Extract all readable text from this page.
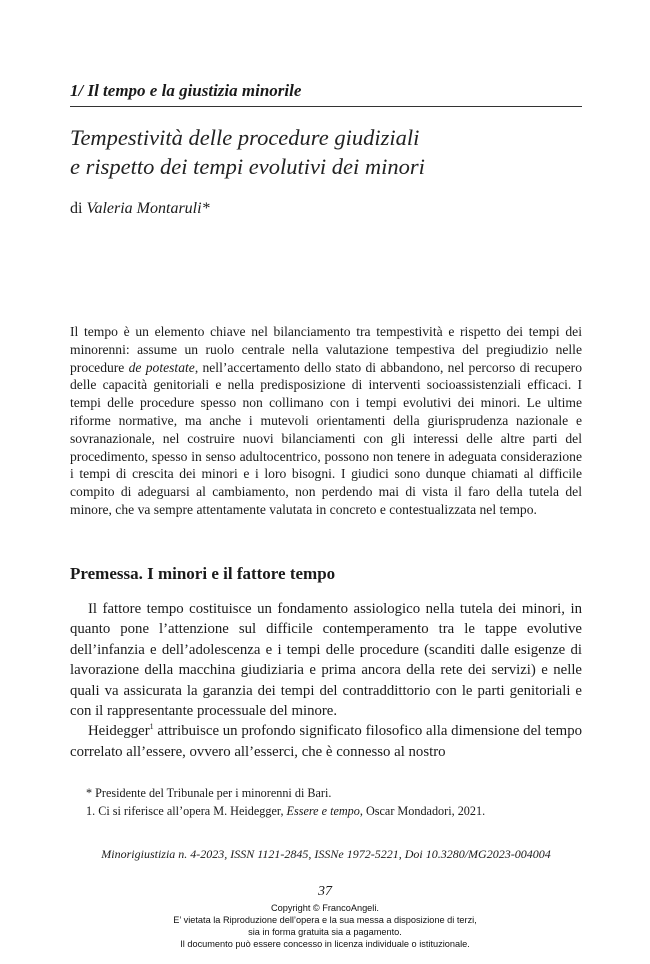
1/ Il tempo e la giustizia minorile
Tempestività delle procedure giudiziali
e rispetto dei tempi evolutivi dei minori
di Valeria Montaruli*
Il tempo è un elemento chiave nel bilanciamento tra tempestività e rispetto dei tempi dei minorenni: assume un ruolo centrale nella valutazione tempestiva del pregiudizio nelle procedure de potestate, nell’accertamento dello stato di abbandono, nel percorso di recupero delle capacità genitoriali e nella predisposizione di interventi socioassistenziali efficaci. I tempi delle procedure spesso non collimano con i tempi evolutivi dei minori. Le ultime riforme normative, ma anche i mutevoli orientamenti della giurisprudenza nazionale e sovranazionale, nel costruire nuovi bilanciamenti con gli interessi delle altre parti del procedimento, spesso in senso adultocentrico, possono non tenere in adeguata considerazione i tempi di crescita dei minori e i loro bisogni. I giudici sono dunque chiamati al difficile compito di adeguarsi al cambiamento, non perdendo mai di vista il faro della tutela del minore, che va sempre attentamente valutata in concreto e contestualizzata nel tempo.
Premessa. I minori e il fattore tempo

Il fattore tempo costituisce un fondamento assiologico nella tutela dei minori, in quanto pone l’attenzione sul difficile contemperamento tra le tappe evolutive dell’infanzia e dell’adolescenza e i tempi delle procedure (scanditi dalle esigenze di lavorazione della macchina giudiziaria e prima ancora della rete dei servizi) e nelle quali va assicurata la garanzia dei tempi del contraddittorio con le parti genitoriali e con il rappresentante processuale del minore.

Heidegger$^1$ attribuisce un profondo significato filosofico alla dimensione del tempo correlato all’essere, ovvero all’esserci, che è connesso al nostro

* Presidente del Tribunale per i minorenni di Bari.
1. Ci si riferisce all’opera M. Heidegger, Essere e tempo, Oscar Mondadori, 2021.
Minorigiustizia n. 4-2023, ISSN 1121-2845, ISSNe 1972-5221, Doi 10.3280/MG2023-004004
37
Copyright © FrancoAngeli.
E’ vietata la Riproduzione dell’opera e la sua messa a disposizione di terzi,
sia in forma gratuita sia a pagamento.
Il documento può essere concesso in licenza individuale o istituzionale.
